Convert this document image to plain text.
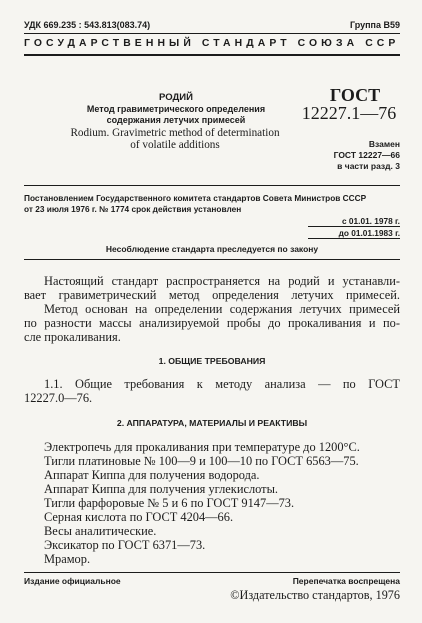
УДК 669.235 : 543.813(083.74)	Группа В59
ГОСУДАРСТВЕННЫЙ СТАНДАРТ СОЮЗА ССР
РОДИЙ
Метод гравиметрического определения
содержания летучих примесей
Rodium. Gravimetric method of determination
of volatile additions
ГОСТ
12227.1—76
Взамен
ГОСТ 12227—66
в части разд. 3
Постановлением Государственного комитета стандартов Совета Министров СССР
от 23 июля 1976 г. № 1774 срок действия установлен
с 01.01. 1978 г.
до 01.01.1983 г.
Несоблюдение стандарта преследуется по закону
Настоящий стандарт распространяется на родий и устанавли-
вает гравиметрический метод определения летучих примесей.
Метод основан на определении содержания летучих примесей
по разности массы анализируемой пробы до прокаливания и по-
сле прокаливания.
1. ОБЩИЕ ТРЕБОВАНИЯ
1.1. Общие требования к методу анализа — по ГОСТ
12227.0—76.
2. АППАРАТУРА, МАТЕРИАЛЫ И РЕАКТИВЫ
Электропечь для прокаливания при температуре до 1200°С.
Тигли платиновые № 100—9 и 100—10 по ГОСТ 6563—75.
Аппарат Киппа для получения водорода.
Аппарат Киппа для получения углекислоты.
Тигли фарфоровые № 5 и 6 по ГОСТ 9147—73.
Серная кислота по ГОСТ 4204—66.
Весы аналитические.
Эксикатор по ГОСТ 6371—73.
Мрамор.
Издание официальное	Перепечатка воспрещена
©Издательство стандартов, 1976
